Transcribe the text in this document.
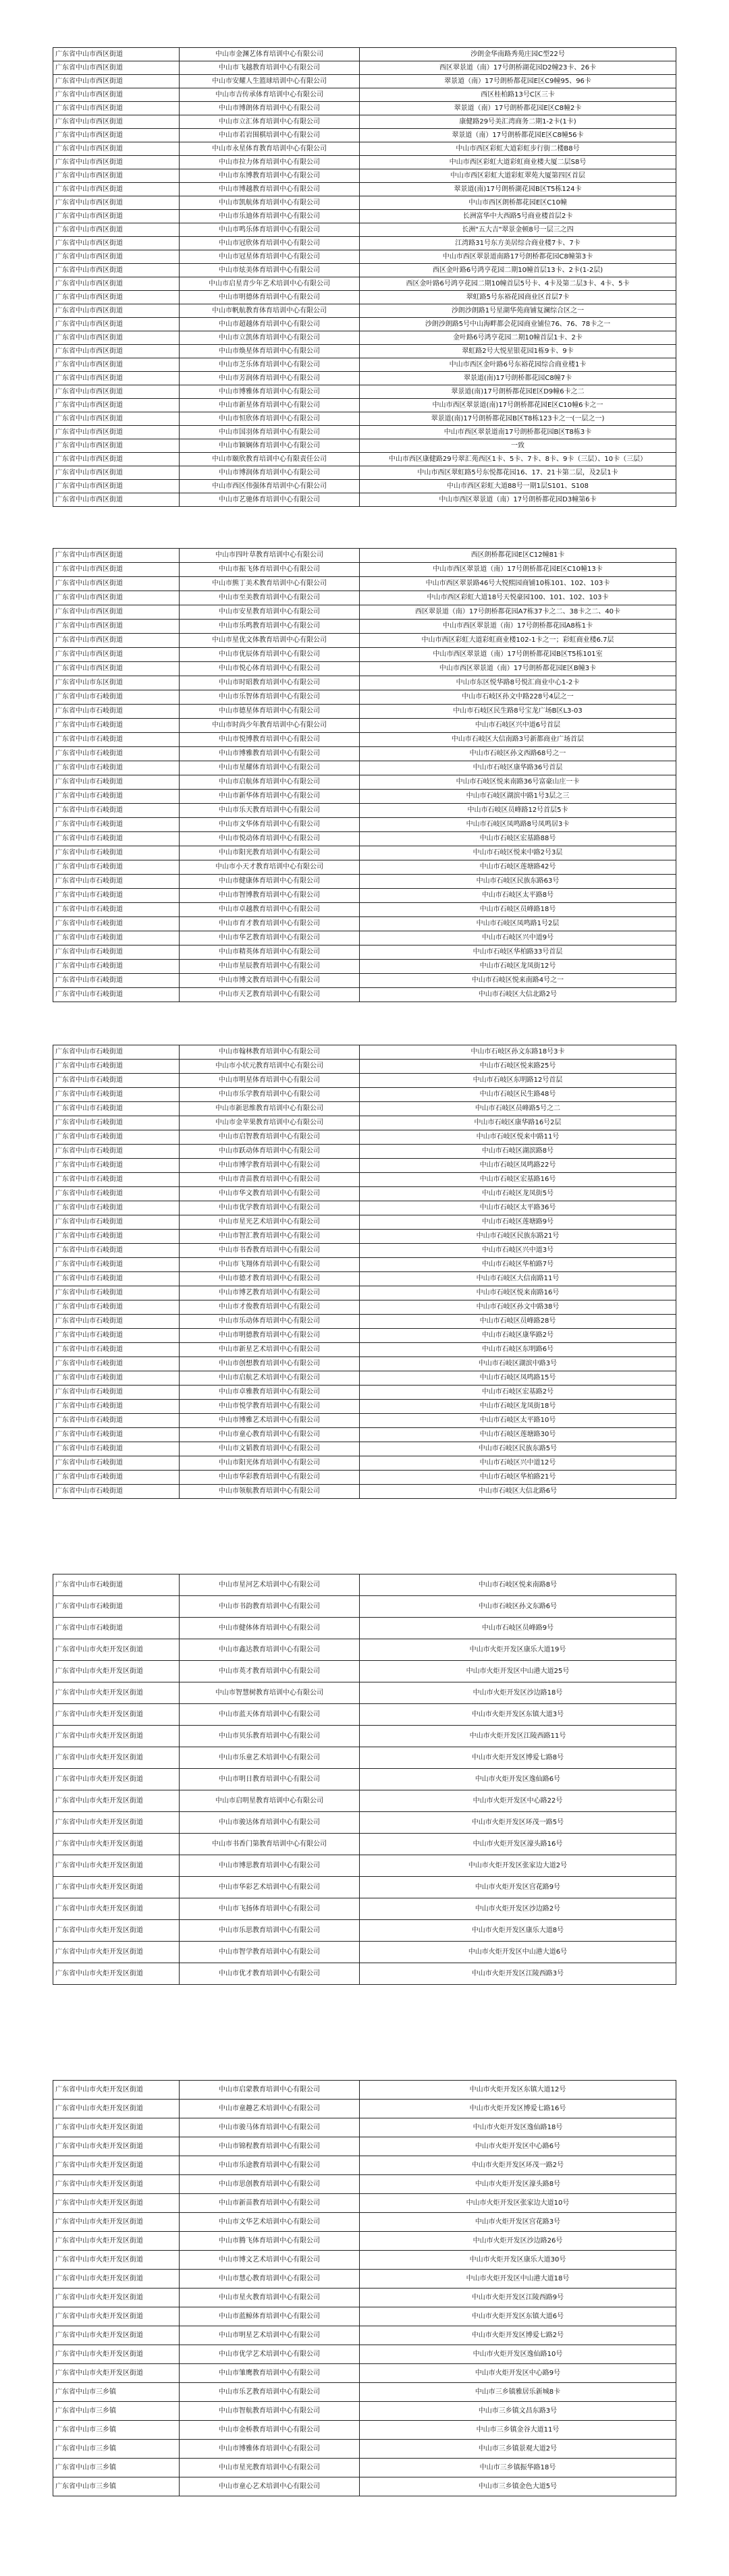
广东省中山市西区街道	中山市金渊艺体育培训中心有限公司	沙朗金华南路秀苑庄园C型22号
广东省中山市西区街道	中山市飞越教育培训中心有限公司	西区翠景道（南）17号朗桥湖花园D2幢23卡、26卡
广东省中山市西区街道	中山市安耀人生篮球培训中心有限公司	翠景道（南）17号朗桥都花园E区C9幢95、96卡
广东省中山市西区街道	中山市吉传承体育培训中心有限公司	西区桂柏路13号C区三卡
广东省中山市西区街道	中山市博朗体育培训中心有限公司	翠景道（南）17号朗桥都花园E区C8幢2卡
广东省中山市西区街道	中山市立汇体育培训中心有限公司	康健路29号美汇湾商务二期1-2卡(1卡)
广东省中山市西区街道	中山市若岩围棋培训中心有限公司	翠景道（南）17号朗桥都花园E区C8幢56卡
广东省中山市西区街道	中山市永星体育教育培训中心有限公司	中山市西区彩虹大道彩虹步行街二楼B8号
广东省中山市西区街道	中山市拉力体育培训中心有限公司	中山市西区彩虹大道彩虹商业楼大厦二层S8号
广东省中山市西区街道	中山市东博教育培训中心有限公司	中山市西区彩虹大道彩虹翠苑大厦第四区首层
广东省中山市西区街道	中山市博越教育培训中心有限公司	翠景道(南)17号朗桥湖花园B区T5栋124卡
广东省中山市西区街道	中山市凯航体育培训中心有限公司	中山市西区朗桥都花园E区C10幢
广东省中山市西区街道	中山市乐迪体育培训中心有限公司	长洲富华中大西路5号商业楼首层2卡
广东省中山市西区街道	中山市鸣乐体育培训中心有限公司	长洲"五大吉"翠景金顿8号一层三之四
广东省中山市西区街道	中山市冠欣体育培训中心有限公司	江湾路31号东方美居综合商业楼7卡、7卡
广东省中山市西区街道	中山市冠星体育培训中心有限公司	中山市西区翠景道南路17号朗桥都花园C8幢第3卡
广东省中山市西区街道	中山市炫美体育培训中心有限公司	西区金叶路6号鸿亨花园二期10幢首层13卡、2卡(1-2层)
广东省中山市西区街道	中山市启星青少年艺术培训中心有限公司	西区金叶路6号鸿亨花园二期10幢首层5号卡、4卡及第二层3卡、4卡、5卡
广东省中山市西区街道	中山市明德体育培训中心有限公司	翠虹路5号东裕花园商业区首层7卡
广东省中山市西区街道	中山市帆航教育体育培训中心有限公司	沙朗沙朗路1号星湖华苑商铺复澜综合区之一
广东省中山市西区街道	中山市超越体育培训中心有限公司	沙朗沙朗路5号中山海畔都会花园商业铺位76、76、78卡之一
广东省中山市西区街道	中山市立凯体育培训中心有限公司	金叶路6号鸿亨花园二期10幢首层1卡、2卡
广东省中山市西区街道	中山市焕星体育培训中心有限公司	翠虹路2号大悦星银花园1栋9卡、9卡
广东省中山市西区街道	中山市芝乐体育培训中心有限公司	中山市西区金叶路6号东裕花园综合商业楼1卡
广东省中山市西区街道	中山市芳润体育培训中心有限公司	翠景道(南)17号朗桥都花园C8幢7卡
广东省中山市西区街道	中山市博雅体育培训中心有限公司	翠景道(南)17号朗桥都花园E区D9幢6卡之二
广东省中山市西区街道	中山市新星体育培训中心有限公司	中山市西区翠景道(南)17号朗桥都花园E区C10幢6卡之一
广东省中山市西区街道	中山市恒欣体育培训中心有限公司	翠景道(南)17号朗桥都花园B区T8栋123卡之一(一层之一)
广东省中山市西区街道	中山市国羽体育培训中心有限公司	中山市西区翠景道南17号朗桥都花园B区T8栋3卡
广东省中山市西区街道	中山市颖娴体育培训中心有限公司	一致
广东省中山市西区街道	中山市颐欣教育培训中心有限责任公司	中山市西区康健路29号翠汇苑西区1卡、5卡、7卡、8卡、9卡（三层）、10卡（三层）
广东省中山市西区街道	中山市博润体育培训中心有限公司	中山市西区翠虹路5号东悦都花园16、17、21卡第二层，及2层1卡
广东省中山市西区街道	中山市西区伟强体育培训中心有限公司	中山市西区彩虹大道88号一期1层S101、S108
广东省中山市西区街道	中山市艺驰体育培训中心有限公司	中山市西区翠景道（南）17号朗桥都花园D3幢第6卡
广东省中山市西区街道	中山市四叶草教育培训中心有限公司	西区朗桥都花园E区C12幢81卡
广东省中山市西区街道	中山市振飞体育培训中心有限公司	中山市西区翠景道（南）17号朗桥都花园E区C10幢13卡
广东省中山市西区街道	中山市熊丁美术教育培训中心有限公司	中山市西区翠景路46号大悦熙园商铺10栋101、102、103卡
广东省中山市西区街道	中山市至美教育培训中心有限公司	中山市西区彩虹大道18号天悦豪园100、101、102、103卡
广东省中山市西区街道	中山市安星教育培训中心有限公司	西区翠景道（南）17号朗桥都花园A7栋37卡之二、38卡之二、40卡
广东省中山市西区街道	中山市乐鸣教育培训中心有限公司	中山市西区翠景道（南）17号朗桥都花园A8栋1卡
广东省中山市西区街道	中山市星优文体教育培训中心有限公司	中山市西区彩虹大道彩虹商业楼102-1卡之一；彩虹商业楼6.7层
广东省中山市西区街道	中山市优辰体育培训中心有限公司	中山市西区翠景道（南）17号朗桥都花园B区T5栋101室
广东省中山市西区街道	中山市悦心体育培训中心有限公司	中山市西区翠景道（南）17号朗桥都花园E区B幢3卡
广东省中山市东区街道	中山市时昭教育培训中心有限公司	中山市东区悦华路8号悦汇商业中心1-2卡
广东省中山市石岐街道	中山市乐智体育培训中心有限公司	中山市石岐区孙文中路228号4层之一
广东省中山市石岐街道	中山市德星体育培训中心有限公司	中山市石岐区民生路8号宝龙广场B区L3-03
广东省中山市石岐街道	中山市时尚少年教育培训中心有限公司	中山市石岐区兴中道6号首层
广东省中山市石岐街道	中山市悦博教育培训中心有限公司	中山市石岐区大信南路3号新都商业广场首层
广东省中山市石岐街道	中山市博雅教育培训中心有限公司	中山市石岐区孙文西路68号之一
广东省中山市石岐街道	中山市星耀体育培训中心有限公司	中山市石岐区康华路36号首层
广东省中山市石岐街道	中山市启航体育培训中心有限公司	中山市石岐区悦来南路36号富豪山庄一卡
广东省中山市石岐街道	中山市新华体育培训中心有限公司	中山市石岐区湖滨中路1号3层之三
广东省中山市石岐街道	中山市乐天教育培训中心有限公司	中山市石岐区员峰路12号首层5卡
广东省中山市石岐街道	中山市文华体育培训中心有限公司	中山市石岐区凤鸣路8号凤鸣居3卡
广东省中山市石岐街道	中山市悦动体育培训中心有限公司	中山市石岐区宏基路88号
广东省中山市石岐街道	中山市阳光教育培训中心有限公司	中山市石岐区悦来中路2号3层
广东省中山市石岐街道	中山市小天才教育培训中心有限公司	中山市石岐区莲塘路42号
广东省中山市石岐街道	中山市健康体育培训中心有限公司	中山市石岐区民族东路63号
广东省中山市石岐街道	中山市智博教育培训中心有限公司	中山市石岐区太平路8号
广东省中山市石岐街道	中山市卓越教育培训中心有限公司	中山市石岐区员峰路18号
广东省中山市石岐街道	中山市育才教育培训中心有限公司	中山市石岐区凤鸣路1号2层
广东省中山市石岐街道	中山市华艺教育培训中心有限公司	中山市石岐区兴中道9号
广东省中山市石岐街道	中山市精英体育培训中心有限公司	中山市石岐区华柏路33号首层
广东省中山市石岐街道	中山市星辰教育培训中心有限公司	中山市石岐区龙凤街12号
广东省中山市石岐街道	中山市博文教育培训中心有限公司	中山市石岐区悦来南路4号之一
广东省中山市石岐街道	中山市天艺教育培训中心有限公司	中山市石岐区大信北路2号
广东省中山市石岐街道	中山市翰林教育培训中心有限公司	中山市石岐区孙文东路18号3卡
广东省中山市石岐街道	中山市小状元教育培训中心有限公司	中山市石岐区悦来路25号
广东省中山市石岐街道	中山市明星体育培训中心有限公司	中山市石岐区东明路12号首层
广东省中山市石岐街道	中山市乐学教育培训中心有限公司	中山市石岐区民生路48号
广东省中山市石岐街道	中山市新思维教育培训中心有限公司	中山市石岐区员峰路5号之二
广东省中山市石岐街道	中山市金苹果教育培训中心有限公司	中山市石岐区康华路16号2层
广东省中山市石岐街道	中山市启智教育培训中心有限公司	中山市石岐区悦来中路11号
广东省中山市石岐街道	中山市跃动体育培训中心有限公司	中山市石岐区湖滨路8号
广东省中山市石岐街道	中山市博学教育培训中心有限公司	中山市石岐区凤鸣路22号
广东省中山市石岐街道	中山市青苗教育培训中心有限公司	中山市石岐区宏基路16号
广东省中山市石岐街道	中山市华文教育培训中心有限公司	中山市石岐区龙凤街5号
广东省中山市石岐街道	中山市优学教育培训中心有限公司	中山市石岐区太平路36号
广东省中山市石岐街道	中山市星光艺术培训中心有限公司	中山市石岐区莲塘路9号
广东省中山市石岐街道	中山市智汇教育培训中心有限公司	中山市石岐区民族东路21号
广东省中山市石岐街道	中山市书香教育培训中心有限公司	中山市石岐区兴中道3号
广东省中山市石岐街道	中山市飞翔体育培训中心有限公司	中山市石岐区华柏路7号
广东省中山市石岐街道	中山市德才教育培训中心有限公司	中山市石岐区大信南路11号
广东省中山市石岐街道	中山市博艺教育培训中心有限公司	中山市石岐区悦来南路16号
广东省中山市石岐街道	中山市才俊教育培训中心有限公司	中山市石岐区孙文中路38号
广东省中山市石岐街道	中山市乐动体育培训中心有限公司	中山市石岐区员峰路28号
广东省中山市石岐街道	中山市明德教育培训中心有限公司	中山市石岐区康华路2号
广东省中山市石岐街道	中山市新星艺术培训中心有限公司	中山市石岐区东明路6号
广东省中山市石岐街道	中山市创想教育培训中心有限公司	中山市石岐区湖滨中路3号
广东省中山市石岐街道	中山市启航艺术培训中心有限公司	中山市石岐区凤鸣路15号
广东省中山市石岐街道	中山市卓雅教育培训中心有限公司	中山市石岐区宏基路2号
广东省中山市石岐街道	中山市悦学教育培训中心有限公司	中山市石岐区龙凤街18号
广东省中山市石岐街道	中山市博雅艺术培训中心有限公司	中山市石岐区太平路10号
广东省中山市石岐街道	中山市童心教育培训中心有限公司	中山市石岐区莲塘路30号
广东省中山市石岐街道	中山市文韬教育培训中心有限公司	中山市石岐区民族东路5号
广东省中山市石岐街道	中山市阳光体育培训中心有限公司	中山市石岐区兴中道12号
广东省中山市石岐街道	中山市华彩教育培训中心有限公司	中山市石岐区华柏路21号
广东省中山市石岐街道	中山市领航教育培训中心有限公司	中山市石岐区大信北路6号
广东省中山市石岐街道	中山市星河艺术培训中心有限公司	中山市石岐区悦来南路8号
广东省中山市石岐街道	中山市书韵教育培训中心有限公司	中山市石岐区孙文东路6号
广东省中山市石岐街道	中山市健体体育培训中心有限公司	中山市石岐区员峰路9号
广东省中山市火炬开发区街道	中山市鑫达教育培训中心有限公司	中山市火炬开发区康乐大道19号
广东省中山市火炬开发区街道	中山市英才教育培训中心有限公司	中山市火炬开发区中山港大道25号
广东省中山市火炬开发区街道	中山市智慧树教育培训中心有限公司	中山市火炬开发区沙边路18号
广东省中山市火炬开发区街道	中山市蓝天体育培训中心有限公司	中山市火炬开发区东镇大道3号
广东省中山市火炬开发区街道	中山市贝乐教育培训中心有限公司	中山市火炬开发区江陵西路11号
广东省中山市火炬开发区街道	中山市乐童艺术培训中心有限公司	中山市火炬开发区博爱七路8号
广东省中山市火炬开发区街道	中山市明日教育培训中心有限公司	中山市火炬开发区逸仙路6号
广东省中山市火炬开发区街道	中山市启明星教育培训中心有限公司	中山市火炬开发区中心路22号
广东省中山市火炬开发区街道	中山市骏达体育培训中心有限公司	中山市火炬开发区环茂一路5号
广东省中山市火炬开发区街道	中山市书香门第教育培训中心有限公司	中山市火炬开发区濠头路16号
广东省中山市火炬开发区街道	中山市博思教育培训中心有限公司	中山市火炬开发区张家边大道2号
广东省中山市火炬开发区街道	中山市华彩艺术培训中心有限公司	中山市火炬开发区宫花路9号
广东省中山市火炬开发区街道	中山市飞扬体育培训中心有限公司	中山市火炬开发区沙边路2号
广东省中山市火炬开发区街道	中山市乐思教育培训中心有限公司	中山市火炬开发区康乐大道8号
广东省中山市火炬开发区街道	中山市智学教育培训中心有限公司	中山市火炬开发区中山港大道6号
广东省中山市火炬开发区街道	中山市优才教育培训中心有限公司	中山市火炬开发区江陵西路3号
广东省中山市火炬开发区街道	中山市启蒙教育培训中心有限公司	中山市火炬开发区东镇大道12号
广东省中山市火炬开发区街道	中山市童趣艺术培训中心有限公司	中山市火炬开发区博爱七路16号
广东省中山市火炬开发区街道	中山市骏马体育培训中心有限公司	中山市火炬开发区逸仙路18号
广东省中山市火炬开发区街道	中山市锦程教育培训中心有限公司	中山市火炬开发区中心路6号
广东省中山市火炬开发区街道	中山市乐途教育培训中心有限公司	中山市火炬开发区环茂一路2号
广东省中山市火炬开发区街道	中山市思创教育培训中心有限公司	中山市火炬开发区濠头路8号
广东省中山市火炬开发区街道	中山市新苗教育培训中心有限公司	中山市火炬开发区张家边大道10号
广东省中山市火炬开发区街道	中山市文华艺术培训中心有限公司	中山市火炬开发区宫花路3号
广东省中山市火炬开发区街道	中山市腾飞体育培训中心有限公司	中山市火炬开发区沙边路26号
广东省中山市火炬开发区街道	中山市博文艺术培训中心有限公司	中山市火炬开发区康乐大道30号
广东省中山市火炬开发区街道	中山市慧心教育培训中心有限公司	中山市火炬开发区中山港大道18号
广东省中山市火炬开发区街道	中山市星火教育培训中心有限公司	中山市火炬开发区江陵西路9号
广东省中山市火炬开发区街道	中山市蓝鲸体育培训中心有限公司	中山市火炬开发区东镇大道6号
广东省中山市火炬开发区街道	中山市明星艺术培训中心有限公司	中山市火炬开发区博爱七路2号
广东省中山市火炬开发区街道	中山市优学艺术培训中心有限公司	中山市火炬开发区逸仙路10号
广东省中山市火炬开发区街道	中山市雏鹰教育培训中心有限公司	中山市火炬开发区中心路9号
广东省中山市三乡镇	中山市乐艺教育培训中心有限公司	中山市三乡镇雅居乐新城8卡
广东省中山市三乡镇	中山市智航教育培训中心有限公司	中山市三乡镇文昌东路3号
广东省中山市三乡镇	中山市金桥教育培训中心有限公司	中山市三乡镇金谷大道11号
广东省中山市三乡镇	中山市博雅体育培训中心有限公司	中山市三乡镇景观大道2号
广东省中山市三乡镇	中山市星光教育培训中心有限公司	中山市三乡镇振华路18号
广东省中山市三乡镇	中山市童心艺术培训中心有限公司	中山市三乡镇金色大道5号
